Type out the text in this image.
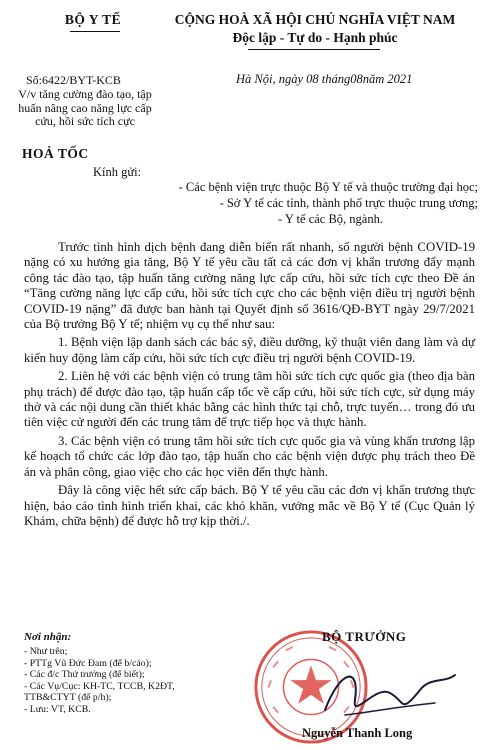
BỘ Y TẾ	CỘNG HOÀ XÃ HỘI CHỦ NGHĨA VIỆT NAM
Độc lập - Tự do - Hạnh phúc
Số:6422/BYT-KCB
V/v tăng cường đào tạo, tập huấn nâng cao năng lực cấp cứu, hồi sức tích cực
Hà Nội, ngày 08 tháng08năm 2021
HOẢ TỐC
Kính gửi:
- Các bệnh viện trực thuộc Bộ Y tế và thuộc trường đại học;
- Sở Y tế các tỉnh, thành phố trực thuộc trung ương;
- Y tế các Bộ, ngành.

Trước tình hình dịch bệnh đang diễn biến rất nhanh, số người bệnh COVID-19 nặng có xu hướng gia tăng, Bộ Y tế yêu cầu tất cả các đơn vị khẩn trương đẩy mạnh công tác đào tạo, tập huấn tăng cường năng lực cấp cứu, hồi sức tích cực theo Đề án “Tăng cường năng lực cấp cứu, hồi sức tích cực cho các bệnh viện điều trị người bệnh COVID-19 nặng” đã được ban hành tại Quyết định số 3616/QĐ-BYT ngày 29/7/2021 của Bộ trưởng Bộ Y tế; nhiệm vụ cụ thể như sau:

1. Bệnh viện lập danh sách các bác sỹ, điều dưỡng, kỹ thuật viên đang làm và dự kiến huy động làm cấp cứu, hồi sức tích cực điều trị người bệnh COVID-19.

2. Liên hệ với các bệnh viện có trung tâm hồi sức tích cực quốc gia (theo địa bàn phụ trách) để được đào tạo, tập huấn cấp tốc về cấp cứu, hồi sức tích cực, sử dụng máy thở và các nội dung cần thiết khác bằng các hình thức tại chỗ, trực tuyến… trong đó ưu tiên việc cử người đến các trung tâm để trực tiếp học và thực hành.

3. Các bệnh viện có trung tâm hồi sức tích cực quốc gia và vùng khẩn trương lập kế hoạch tổ chức các lớp đào tạo, tập huấn cho các bệnh viện được phụ trách theo Đề án và phân công, giao việc cho các học viên đến thực hành.

Đây là công việc hết sức cấp bách. Bộ Y tế yêu cầu các đơn vị khẩn trương thực hiện, báo cáo tình hình triển khai, các khó khăn, vướng mắc về Bộ Y tế (Cục Quản lý Khám, chữa bệnh) để được hỗ trợ kịp thời./.

Nơi nhận:
- Như trên;
- PTTg Vũ Đức Đam (để b/cáo);
- Các đ/c Thứ trưởng (để biết);
- Các Vụ/Cục: KH-TC, TCCB, K2ĐT,
TTB&CTYT (để p/h);
- Lưu: VT, KCB.
BỘ TRƯỞNG
Nguyễn Thanh Long
